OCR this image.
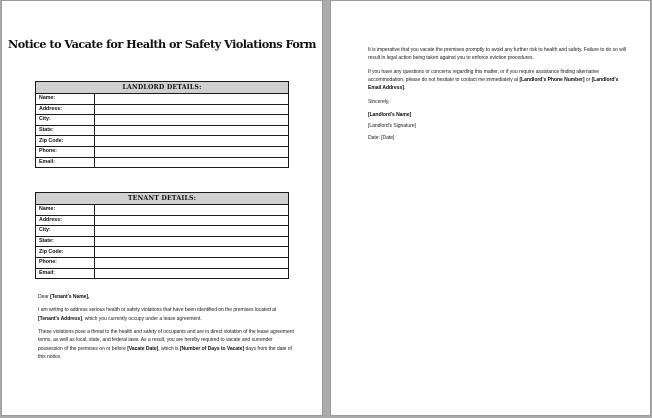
Notice to Vacate for Health or Safety Violations Form
LANDLORD DETAILS:	
Name:	
Address:	
City:	
State:	
Zip Code:	
Phone:	
Email:	
TENANT DETAILS:	
Name:	
Address:	
City:	
State:	
Zip Code:	
Phone:	
Email:	

Dear [Tenant's Name],

I am writing to address serious health or safety violations that have been identified on the premises located at [Tenant's Address], which you currently occupy under a lease agreement.

These violations pose a threat to the health and safety of occupants and are in direct violation of the lease agreement terms, as well as local, state, and federal laws. As a result, you are hereby required to vacate and surrender possession of the premises on or before [Vacate Date], which is [Number of Days to Vacate] days from the date of this notice.

It is imperative that you vacate the premises promptly to avoid any further risk to health and safety. Failure to do so will result in legal action being taken against you to enforce eviction procedures.

If you have any questions or concerns regarding this matter, or if you require assistance finding alternative accommodation, please do not hesitate to contact me immediately at [Landlord's Phone Number] or [Landlord's Email Address].

Sincerely,

[Landlord's Name]

[Landlord's Signature]

Date: [Date]
